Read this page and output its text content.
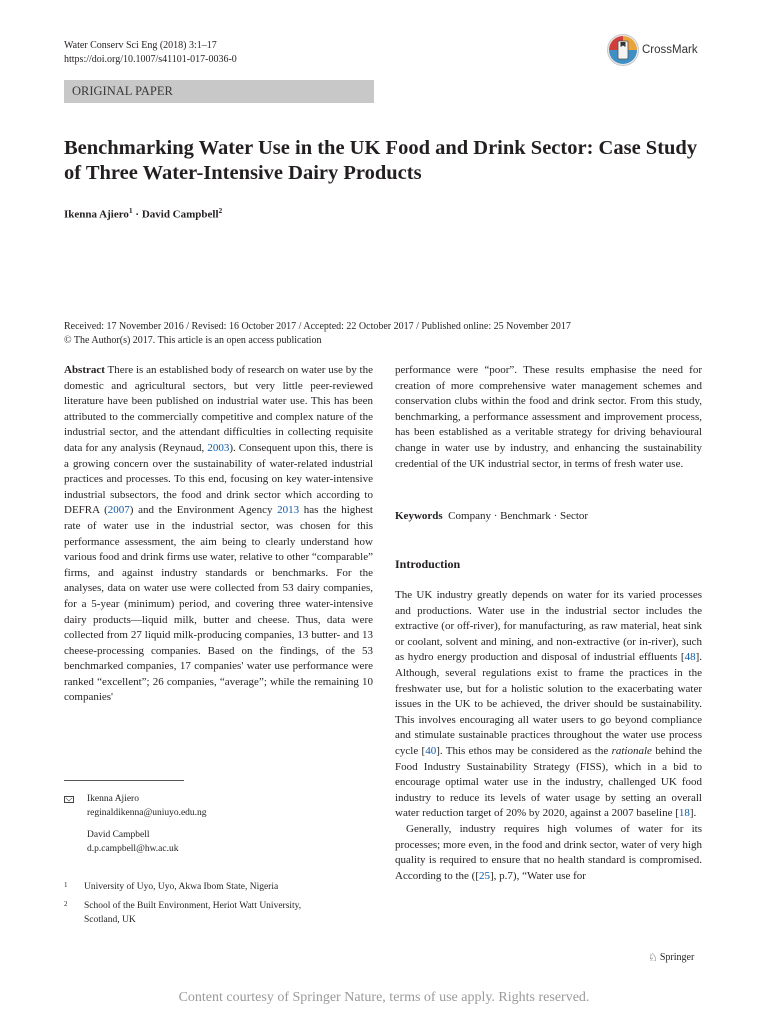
Water Conserv Sci Eng (2018) 3:1–17
https://doi.org/10.1007/s41101-017-0036-0
CrossMark
ORIGINAL PAPER
Benchmarking Water Use in the UK Food and Drink Sector: Case Study of Three Water-Intensive Dairy Products
Ikenna Ajiero$^1$ · David Campbell$^2$
Received: 17 November 2016 / Revised: 16 October 2017 / Accepted: 22 October 2017 / Published online: 25 November 2017
© The Author(s) 2017. This article is an open access publication

Abstract There is an established body of research on water use by the domestic and agricultural sectors, but very little peer-reviewed literature have been published on industrial water use. This has been attributed to the commercially competitive and complex nature of the industrial sector, and the attendant difficulties in collecting requisite data for any analysis (Reynaud, 2003). Consequent upon this, there is a growing concern over the sustainability of water-related industrial practices and processes. To this end, focusing on key water-intensive industrial subsectors, the food and drink sector which according to DEFRA (2007) and the Environment Agency 2013 has the highest rate of water use in the industrial sector, was chosen for this performance assessment, the aim being to clearly understand how various food and drink firms use water, relative to other “comparable” firms, and against industry standards or benchmarks. For the analyses, data on water use were collected from 53 dairy companies, for a 5-year (minimum) period, and covering three water-intensive dairy products—liquid milk, butter and cheese. Thus, data were collected from 27 liquid milk-producing companies, 13 butter- and 13 cheese-processing companies. Based on the findings, of the 53 benchmarked companies, 17 companies' water use performance were ranked “excellent”; 26 companies, “average”; while the remaining 10 companies'

performance were “poor”. These results emphasise the need for creation of more comprehensive water management schemes and conservation clubs within the food and drink sector. From this study, benchmarking, a performance assessment and improvement process, has been established as a veritable strategy for driving behavioural change in water use by industry, and enhancing the sustainability credential of the UK industrial sector, in terms of fresh water use.

Keywords Company · Benchmark · Sector
Introduction

The UK industry greatly depends on water for its varied processes and productions. Water use in the industrial sector includes the extractive (or off-river), for manufacturing, as raw material, heat sink or coolant, solvent and mining, and non-extractive (or in-river), such as hydro energy production and disposal of industrial effluents [48]. Although, several regulations exist to frame the practices in the freshwater use, but for a holistic solution to the exacerbating water issues in the UK to be achieved, the driver should be sustainability. This involves encouraging all water users to go beyond compliance and stimulate sustainable practices throughout the water use process cycle [40]. This ethos may be considered as the rationale behind the Food Industry Sustainability Strategy (FISS), which in a bid to encourage optimal water use in the industry, challenged UK food industry to reduce its levels of water usage by setting an overall water reduction target of 20% by 2020, against a 2007 baseline [18].

Generally, industry requires high volumes of water for its processes; more even, in the food and drink sector, water of very high quality is required to ensure that no health standard is compromised. According to the ([25], p.7), “Water use for

Ikenna Ajiero
reginaldikenna@uniuyo.edu.ng
David Campbell
d.p.campbell@hw.ac.uk
1 University of Uyo, Uyo, Akwa Ibom State, Nigeria
2 School of the Built Environment, Heriot Watt University, Scotland, UK
♘ Springer
Content courtesy of Springer Nature, terms of use apply. Rights reserved.
